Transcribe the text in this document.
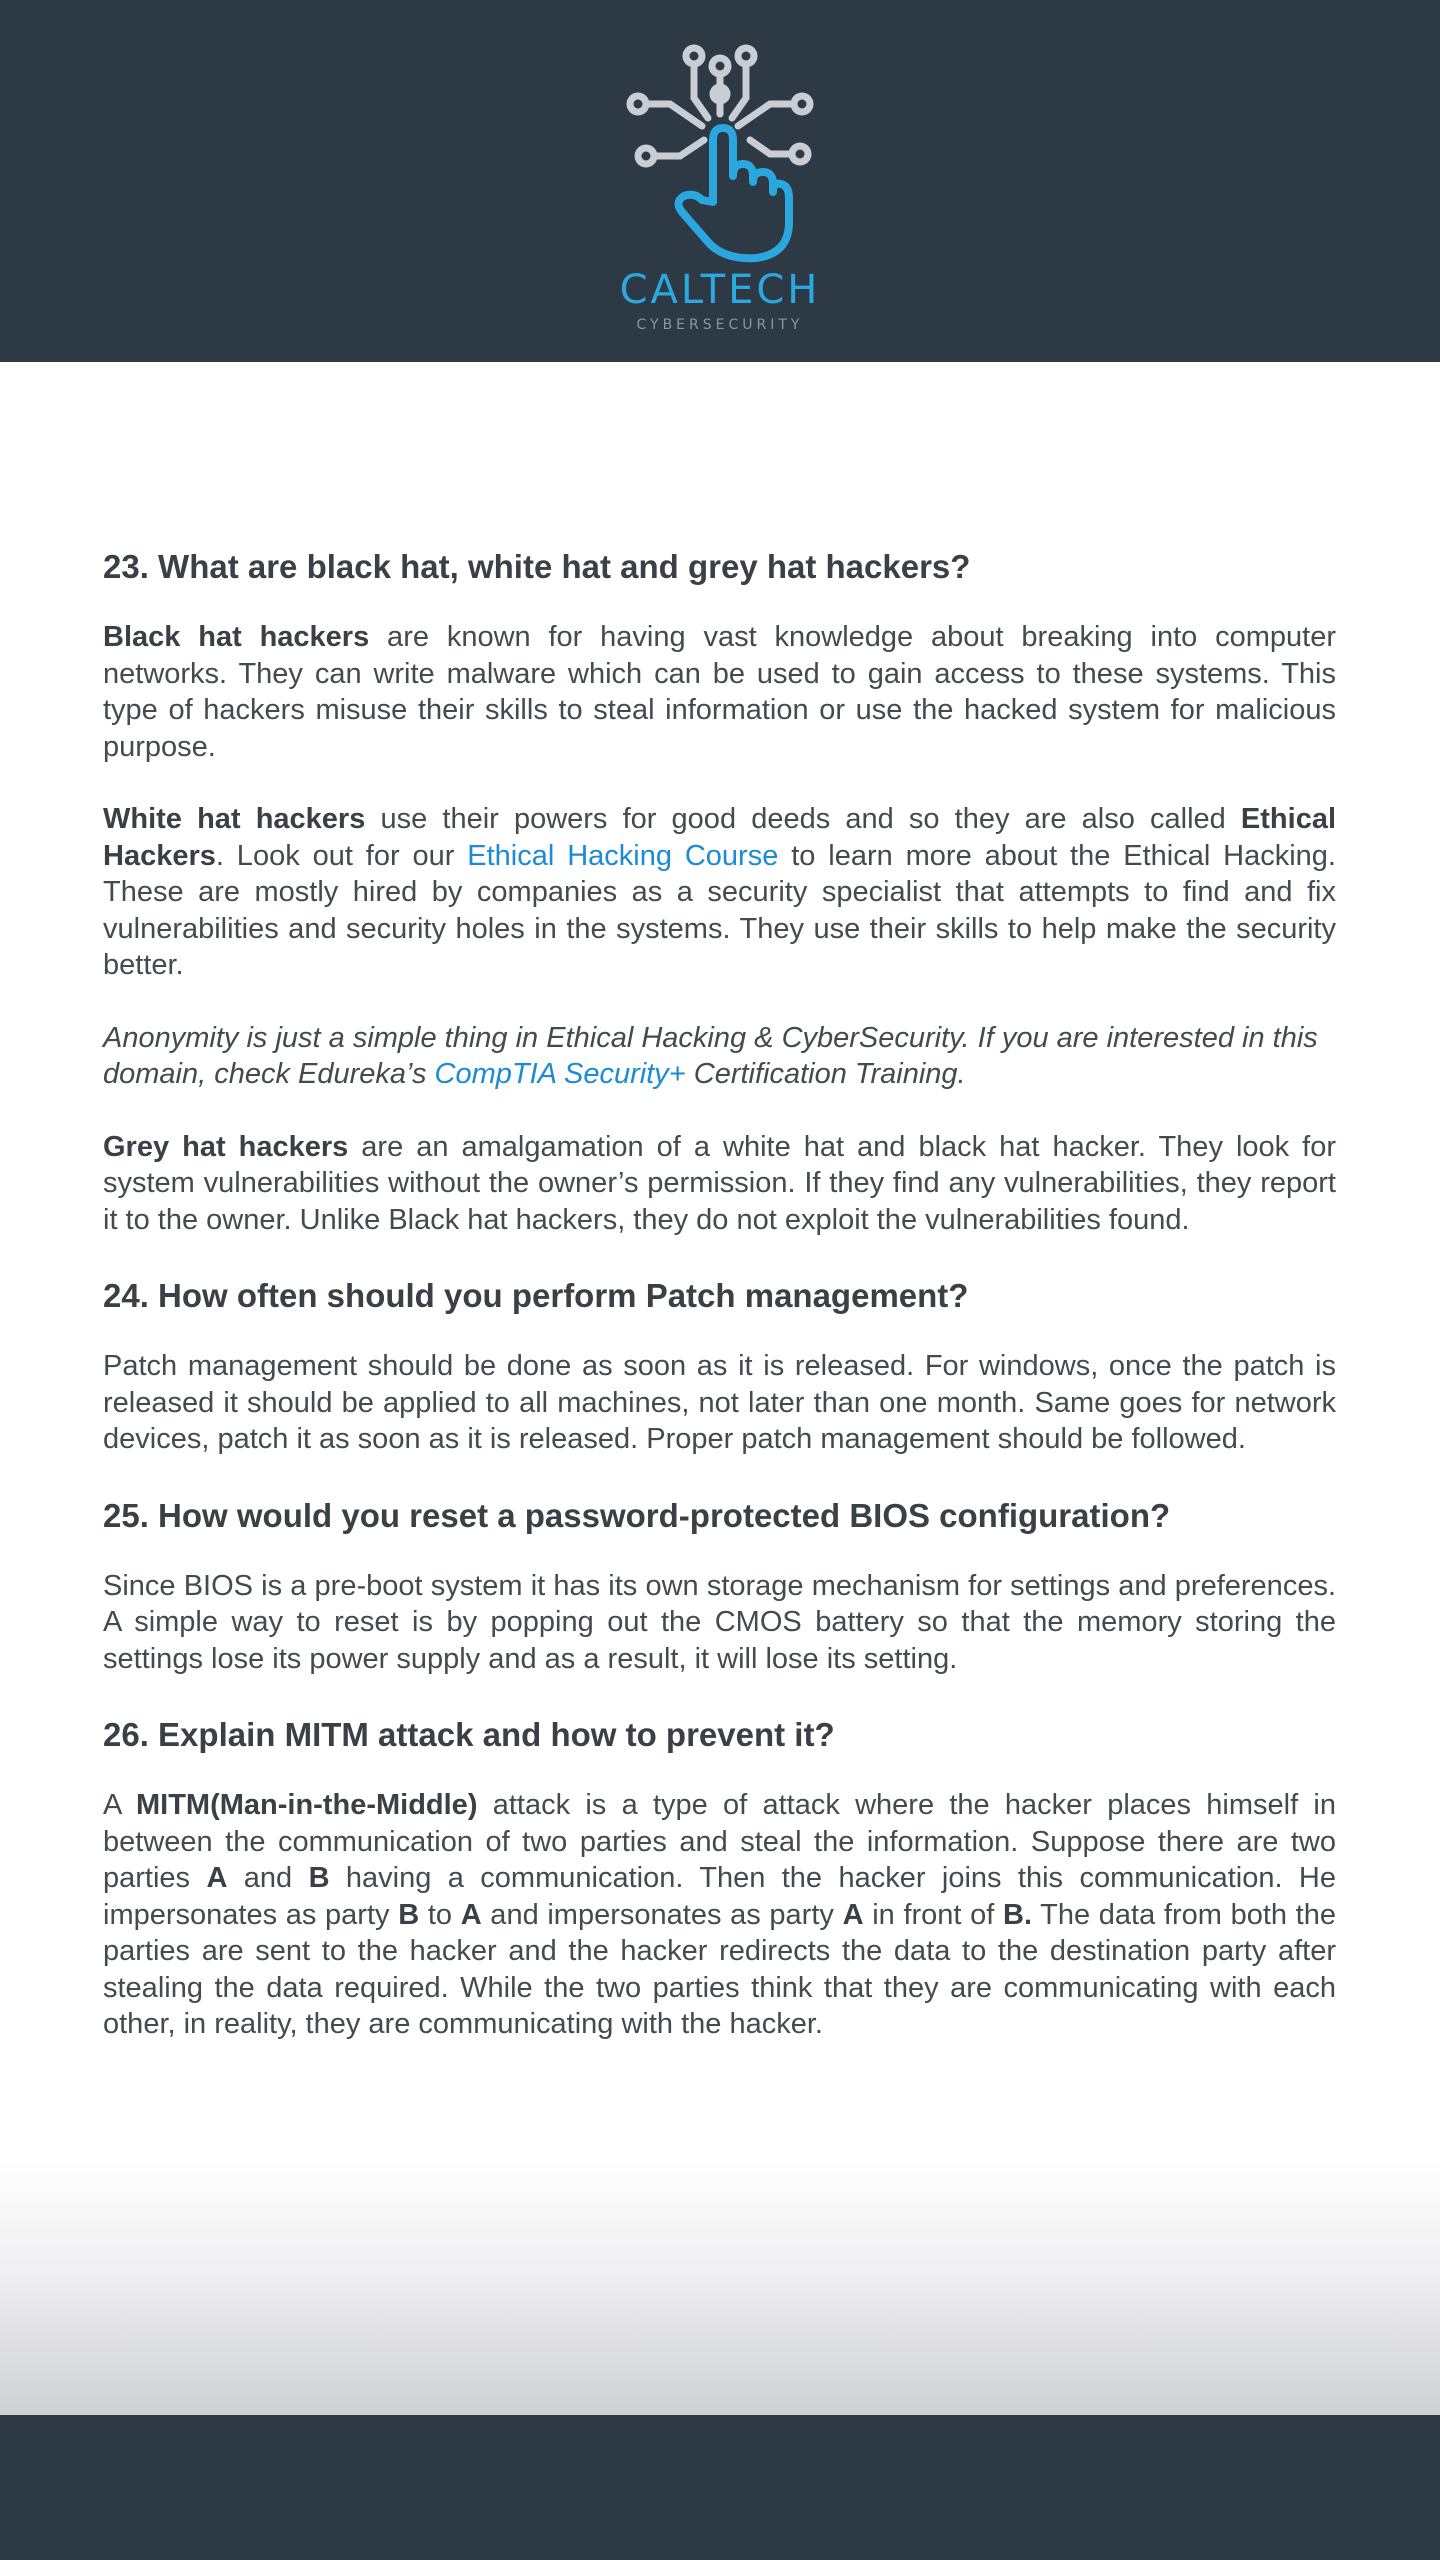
CALTECH
CYBERSECURITY
23. What are black hat, white hat and grey hat hackers?

Black hat hackers are known for having vast knowledge about breaking into computer networks. They can write malware which can be used to gain access to these systems. This type of hackers misuse their skills to steal information or use the hacked system for malicious purpose.

White hat hackers use their powers for good deeds and so they are also called Ethical Hackers. Look out for our Ethical Hacking Course to learn more about the Ethical Hacking. These are mostly hired by companies as a security specialist that attempts to find and fix vulnerabilities and security holes in the systems. They use their skills to help make the security better.

Anonymity is just a simple thing in Ethical Hacking & CyberSecurity. If you are interested in this domain, check Edureka’s CompTIA Security+ Certification Training.

Grey hat hackers are an amalgamation of a white hat and black hat hacker. They look for system vulnerabilities without the owner’s permission. If they find any vulnerabilities, they report it to the owner. Unlike Black hat hackers, they do not exploit the vulnerabilities found.

24. How often should you perform Patch management?

Patch management should be done as soon as it is released. For windows, once the patch is released it should be applied to all machines, not later than one month. Same goes for network devices, patch it as soon as it is released. Proper patch management should be followed.

25. How would you reset a password-protected BIOS configuration?

Since BIOS is a pre-boot system it has its own storage mechanism for settings and preferences. A simple way to reset is by popping out the CMOS battery so that the memory storing the settings lose its power supply and as a result, it will lose its setting.

26. Explain MITM attack and how to prevent it?

A MITM(Man-in-the-Middle) attack is a type of attack where the hacker places himself in between the communication of two parties and steal the information. Suppose there are two parties A and B having a communication. Then the hacker joins this communication. He impersonates as party B to A and impersonates as party A in front of B. The data from both the parties are sent to the hacker and the hacker redirects the data to the destination party after stealing the data required. While the two parties think that they are communicating with each other, in reality, they are communicating with the hacker.
